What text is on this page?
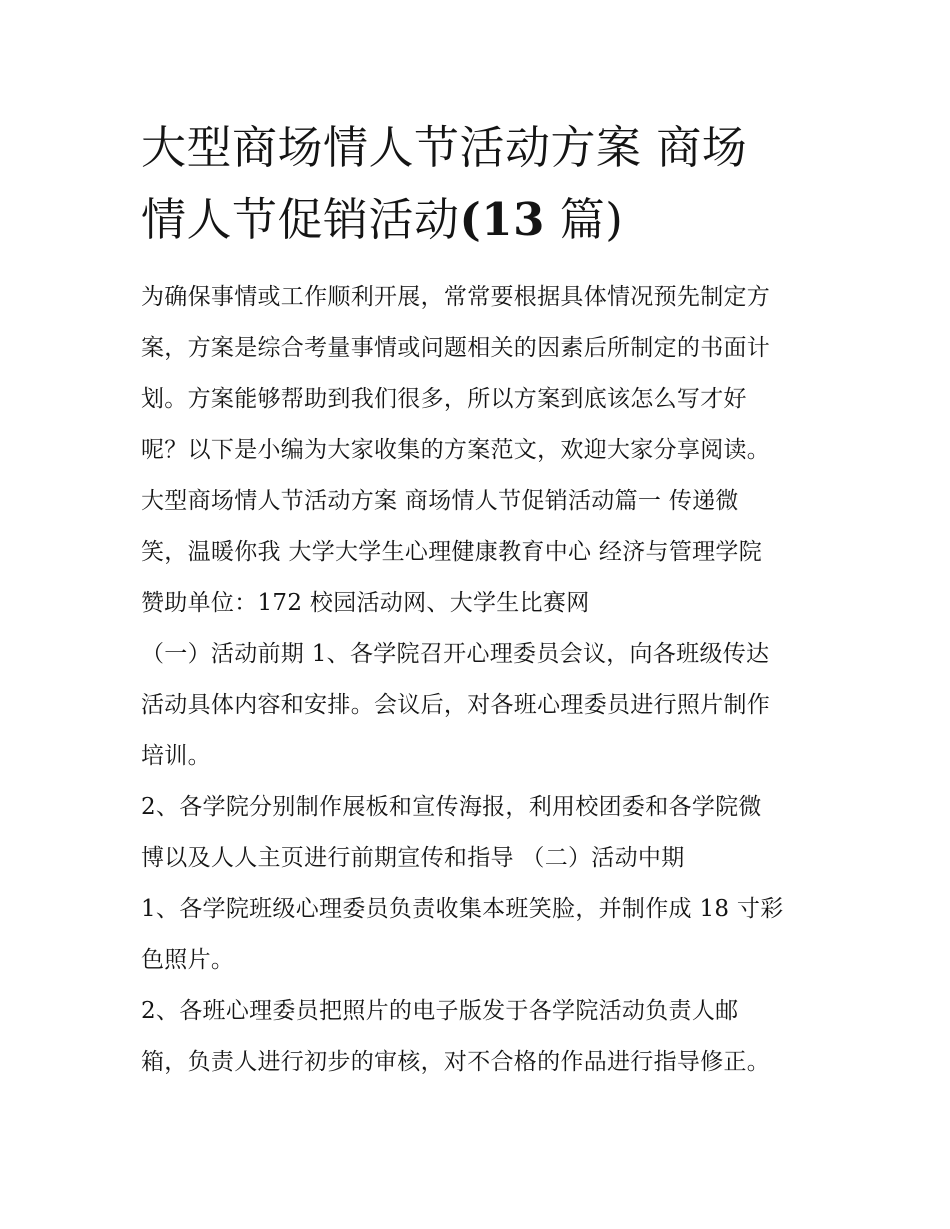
大型商场情人节活动方案 商场
情人节促销活动(13 篇)
为确保事情或工作顺利开展，常常要根据具体情况预先制定方
案，方案是综合考量事情或问题相关的因素后所制定的书面计
划。方案能够帮助到我们很多，所以方案到底该怎么写才好
呢？以下是小编为大家收集的方案范文，欢迎大家分享阅读。
大型商场情人节活动方案 商场情人节促销活动篇一 传递微
笑，温暖你我 大学大学生心理健康教育中心 经济与管理学院
赞助单位：172 校园活动网、大学生比赛网
（一）活动前期 1、各学院召开心理委员会议，向各班级传达
活动具体内容和安排。会议后，对各班心理委员进行照片制作
培训。
2、各学院分别制作展板和宣传海报，利用校团委和各学院微
博以及人人主页进行前期宣传和指导 （二）活动中期
1、各学院班级心理委员负责收集本班笑脸，并制作成 18 寸彩
色照片。
2、各班心理委员把照片的电子版发于各学院活动负责人邮
箱，负责人进行初步的审核，对不合格的作品进行指导修正。
